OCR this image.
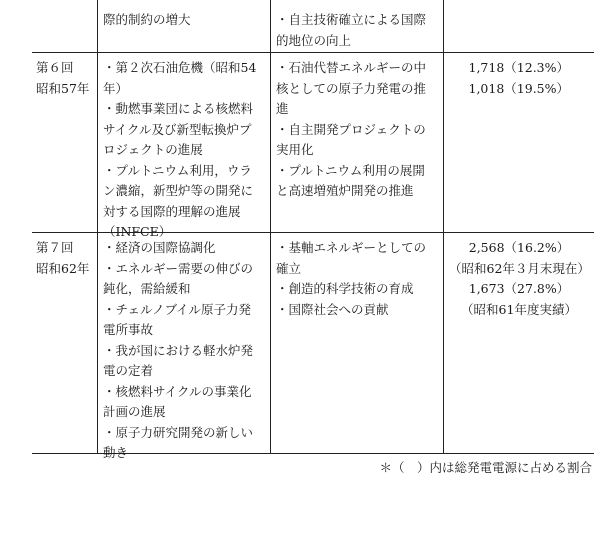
際的制約の増大	・自主技術確立による国際
的地位の向上
第６回
昭和57年
・第２次石油危機（昭和54
年）
・動燃事業団による核燃料
サイクル及び新型転換炉プ
ロジェクトの進展
・プルトニウム利用，ウラ
ン濃縮，新型炉等の開発に
対する国際的理解の進展
（INFCE）
・石油代替エネルギーの中
核としての原子力発電の推
進
・自主開発プロジェクトの
実用化
・プルトニウム利用の展開
と高速増殖炉開発の推進
1,718（12.3%）
1,018（19.5%）
第７回
昭和62年
・経済の国際協調化
・エネルギー需要の伸びの
鈍化，需給緩和
・チェルノブイル原子力発
電所事故
・我が国における軽水炉発
電の定着
・核燃料サイクルの事業化
計画の進展
・原子力研究開発の新しい
動き
・基軸エネルギーとしての
確立
・創造的科学技術の育成
・国際社会への貢献
2,568（16.2%）
（昭和62年３月末現在）
1,673（27.8%）
（昭和61年度実績）
＊（　）内は総発電電源に占める割合
